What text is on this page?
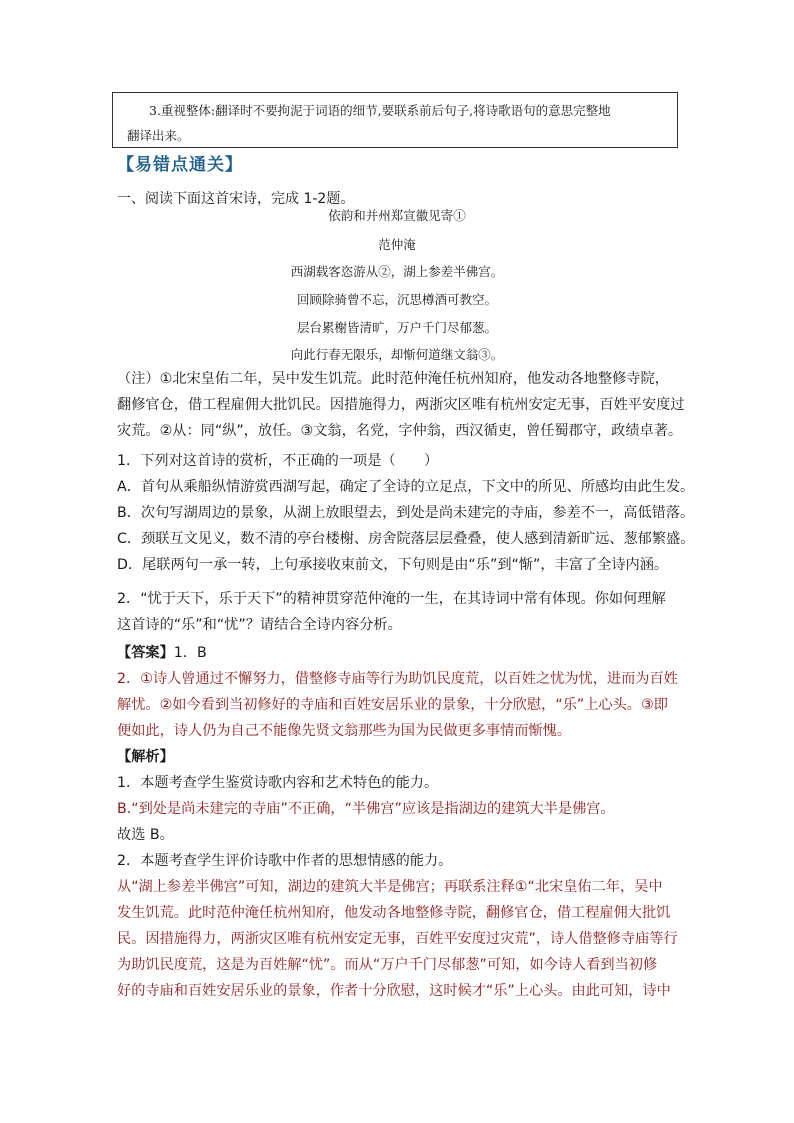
3.重视整体:翻译时不要拘泥于词语的细节,要联系前后句子,将诗歌语句的意思完整地
翻译出来。
【易错点通关】
一、阅读下面这首宋诗，完成 1-2题。
依韵和并州郑宣徽见寄①
范仲淹
西湖载客恣游从②，湖上参差半佛宫。
回顾除骑曾不忘，沉思樽酒可教空。
层台累榭皆清旷，万户千门尽郁葱。
向此行春无限乐，却惭何道继文翁③。
（注）①北宋皇佑二年，吴中发生饥荒。此时范仲淹任杭州知府，他发动各地整修寺院，
翻修官仓，借工程雇佣大批饥民。因措施得力，两浙灾区唯有杭州安定无事，百姓平安度过
灾荒。②从：同“纵”，放任。③文翁，名党，字仲翁，西汉循吏，曾任蜀郡守，政绩卓著。
1．下列对这首诗的赏析，不正确的一项是（　　）
A．首句从乘船纵情游赏西湖写起，确定了全诗的立足点，下文中的所见、所感均由此生发。
B．次句写湖周边的景象，从湖上放眼望去，到处是尚未建完的寺庙，参差不一，高低错落。
C．颈联互文见义，数不清的亭台楼榭、房舍院落层层叠叠，使人感到清新旷远、葱郁繁盛。
D．尾联两句一承一转，上句承接收束前文，下句则是由“乐”到“惭”，丰富了全诗内涵。
2．“忧于天下，乐于天下”的精神贯穿范仲淹的一生，在其诗词中常有体现。你如何理解
这首诗的“乐”和“忧”？请结合全诗内容分析。
【答案】1．B
2．①诗人曾通过不懈努力，借整修寺庙等行为助饥民度荒，以百姓之忧为忧，进而为百姓
解忧。②如今看到当初修好的寺庙和百姓安居乐业的景象，十分欣慰，“乐”上心头。③即
便如此，诗人仍为自己不能像先贤文翁那些为国为民做更多事情而惭愧。
【解析】
1．本题考查学生鉴赏诗歌内容和艺术特色的能力。
B.“到处是尚未建完的寺庙”不正确，“半佛宫”应该是指湖边的建筑大半是佛宫。
故选 B。
2．本题考查学生评价诗歌中作者的思想情感的能力。
从“湖上参差半佛宫”可知，湖边的建筑大半是佛宫；再联系注释①“北宋皇佑二年，吴中
发生饥荒。此时范仲淹任杭州知府，他发动各地整修寺院，翻修官仓，借工程雇佣大批饥
民。因措施得力，两浙灾区唯有杭州安定无事，百姓平安度过灾荒”，诗人借整修寺庙等行
为助饥民度荒，这是为百姓解“忧”。而从“万户千门尽郁葱”可知，如今诗人看到当初修
好的寺庙和百姓安居乐业的景象，作者十分欣慰，这时候才“乐”上心头。由此可知，诗中
